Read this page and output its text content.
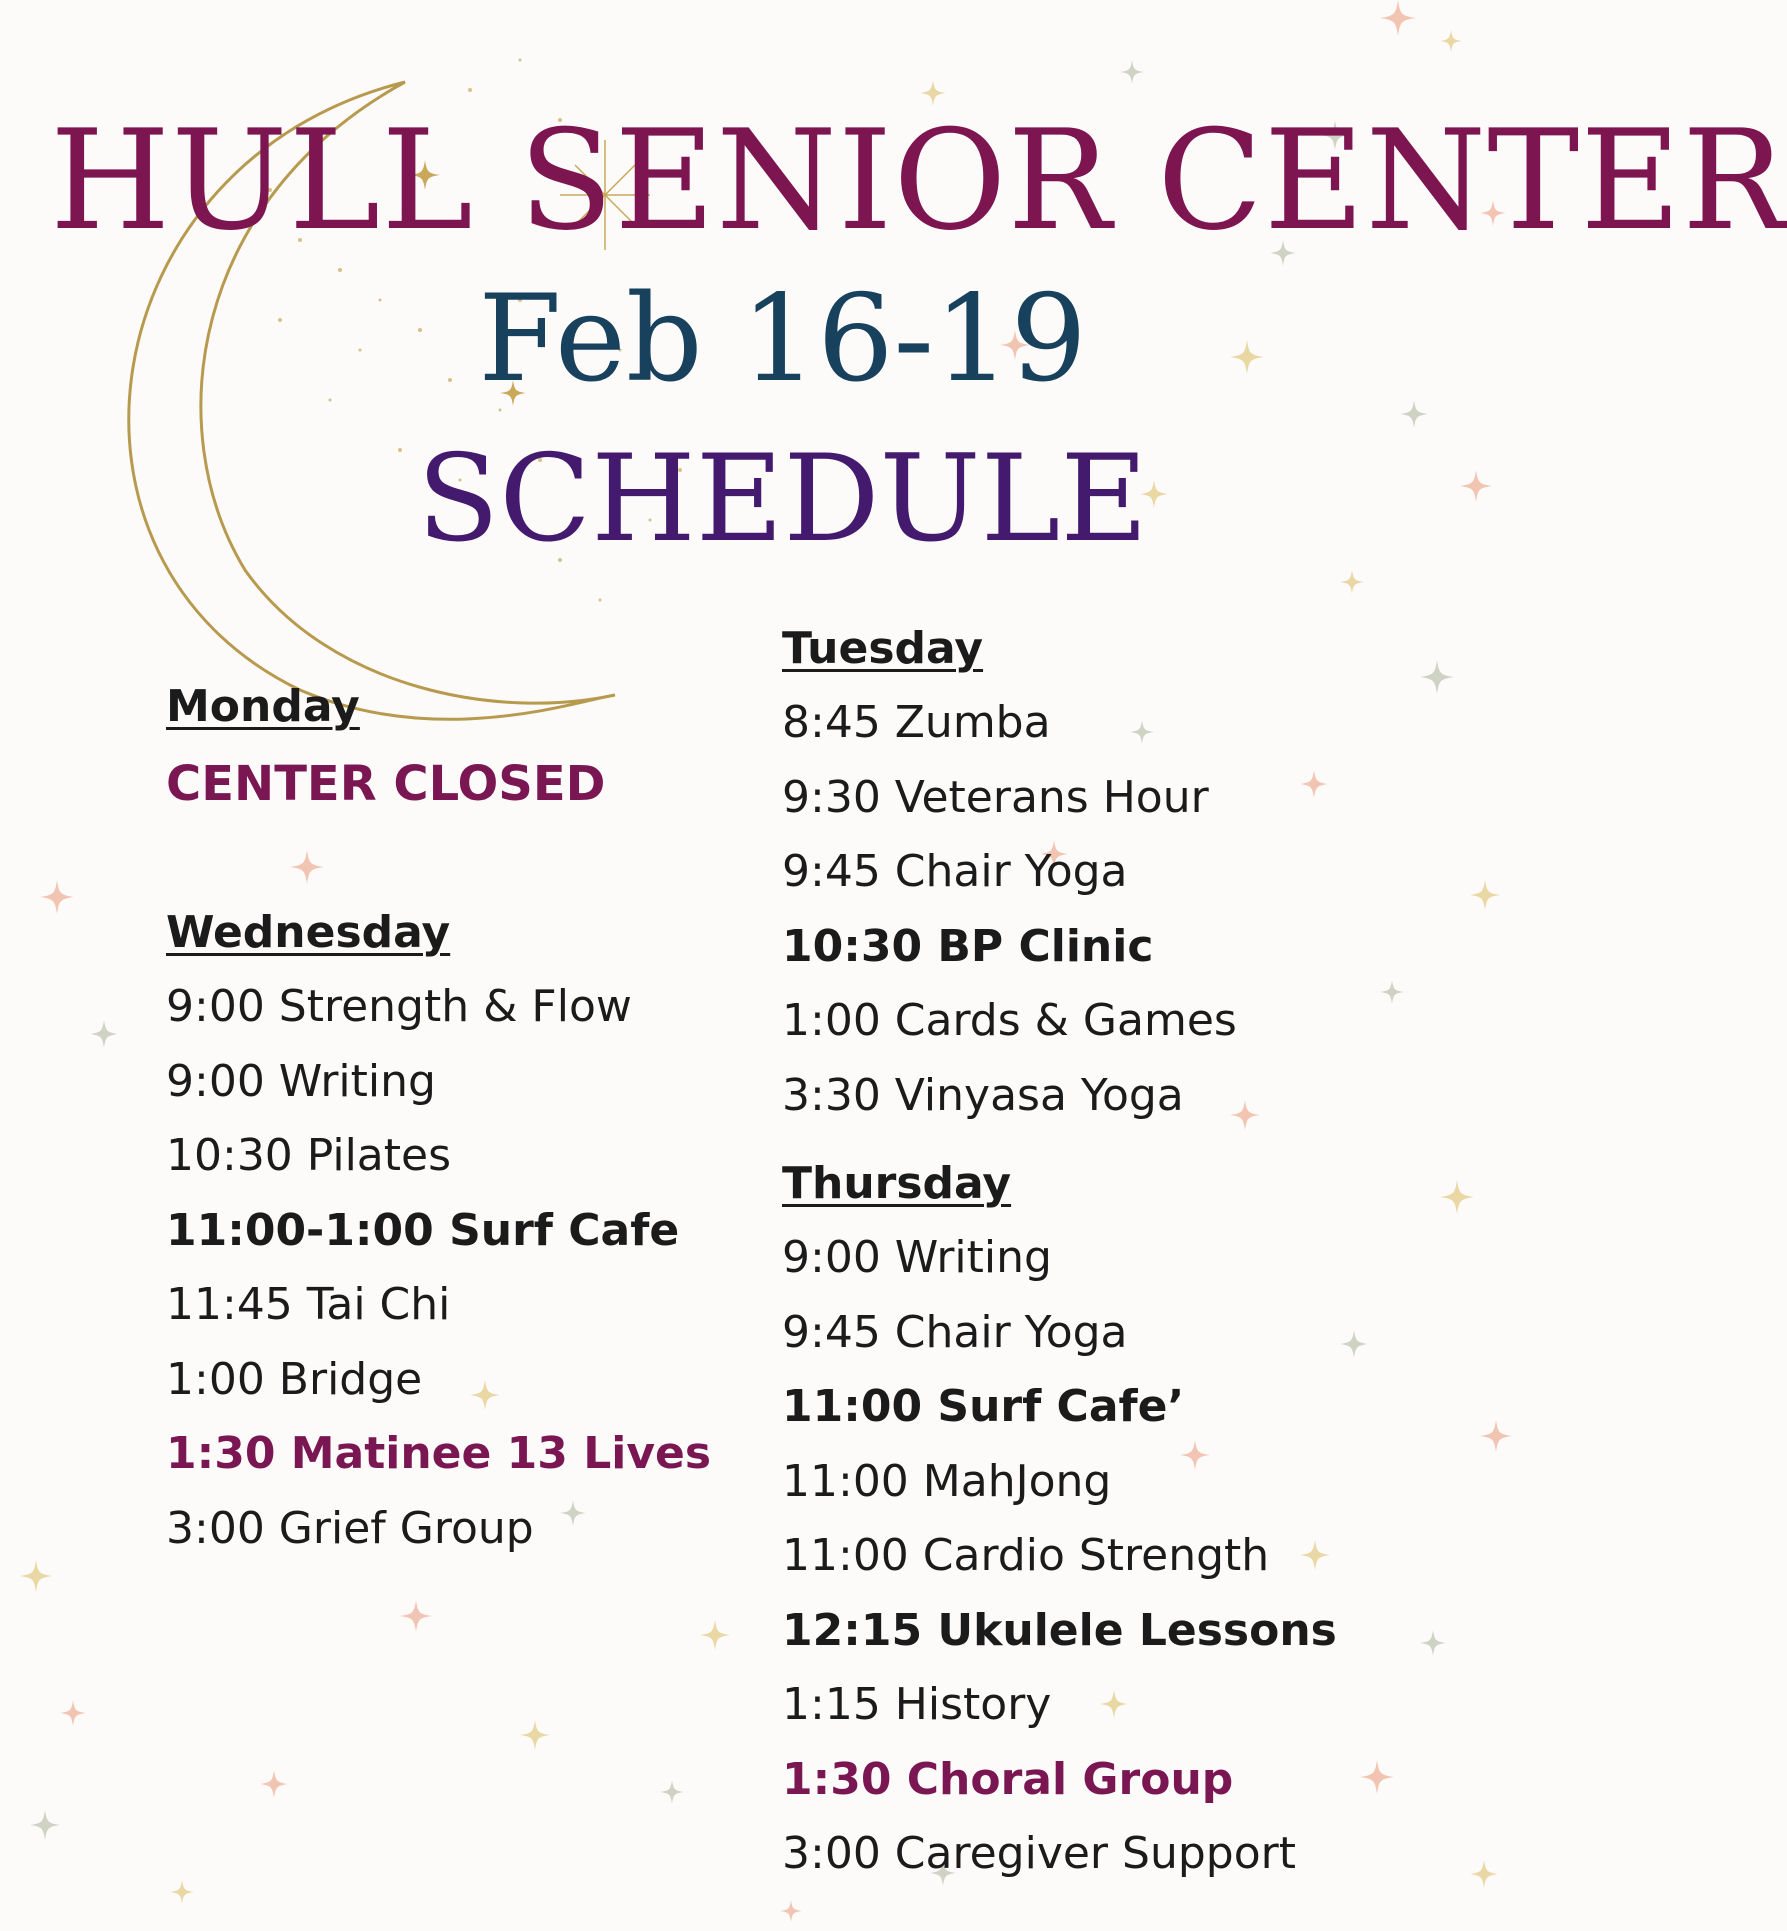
HULL SENIOR CENTER
Feb 16-19
SCHEDULE

Monday

CENTER CLOSED

Wednesday

9:00 Strength & Flow

9:00 Writing

10:30 Pilates

11:00-1:00 Surf Cafe

11:45 Tai Chi

1:00 Bridge

1:30 Matinee 13 Lives

3:00 Grief Group

Tuesday

8:45 Zumba

9:30 Veterans Hour

9:45 Chair Yoga

10:30 BP Clinic

1:00 Cards & Games

3:30 Vinyasa Yoga

Thursday

9:00 Writing

9:45 Chair Yoga

11:00 Surf Cafe’

11:00 MahJong

11:00 Cardio Strength

12:15 Ukulele Lessons

1:15 History

1:30 Choral Group

3:00 Caregiver Support
